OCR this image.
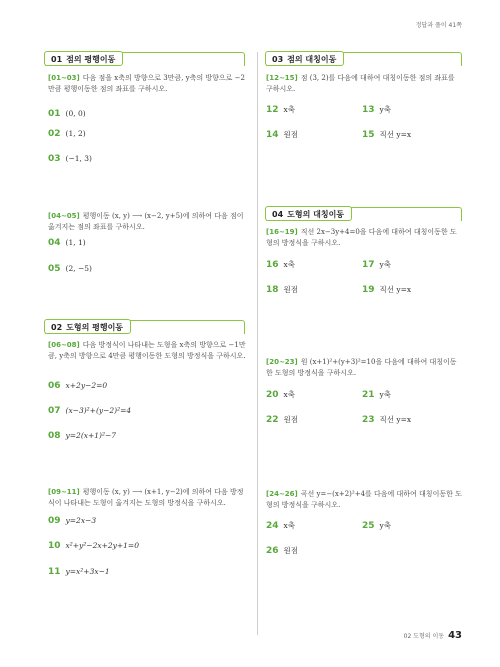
정답과 풀이 41쪽
01 점의 평행이동
[01~03] 다음 점을 x축의 방향으로 3만큼, y축의 방향으로 −2만큼 평행이동한 점의 좌표를 구하시오.
01 (0, 0)
02 (1, 2)
03 (−1, 3)
[04~05] 평행이동 (x, y) ⟶ (x−2, y+5)에 의하여 다음 점이 옮겨지는 점의 좌표를 구하시오.
04 (1, 1)
05 (2, −5)
02 도형의 평행이동
[06~08] 다음 방정식이 나타내는 도형을 x축의 방향으로 −1만큼, y축의 방향으로 4만큼 평행이동한 도형의 방정식을 구하시오.
06 x+2y−2=0
07 (x−3)²+(y−2)²=4
08 y=2(x+1)²−7
[09~11] 평행이동 (x, y) ⟶ (x+1, y−2)에 의하여 다음 방정식이 나타내는 도형이 옮겨지는 도형의 방정식을 구하시오.
09 y=2x−3
10 x²+y²−2x+2y+1=0
11 y=x²+3x−1
03 점의 대칭이동
[12~15] 점 (3, 2)를 다음에 대하여 대칭이동한 점의 좌표를 구하시오.
12 x축	13 y축
14 원점	15 직선 y=x
04 도형의 대칭이동
[16~19] 직선 2x−3y+4=0을 다음에 대하여 대칭이동한 도형의 방정식을 구하시오.
16 x축	17 y축
18 원점	19 직선 y=x
[20~23] 원 (x+1)²+(y+3)²=10을 다음에 대하여 대칭이동한 도형의 방정식을 구하시오.
20 x축	21 y축
22 원점	23 직선 y=x
[24~26] 곡선 y=−(x+2)²+4를 다음에 대하여 대칭이동한 도형의 방정식을 구하시오.
24 x축	25 y축
26 원점
02 도형의 이동 43
